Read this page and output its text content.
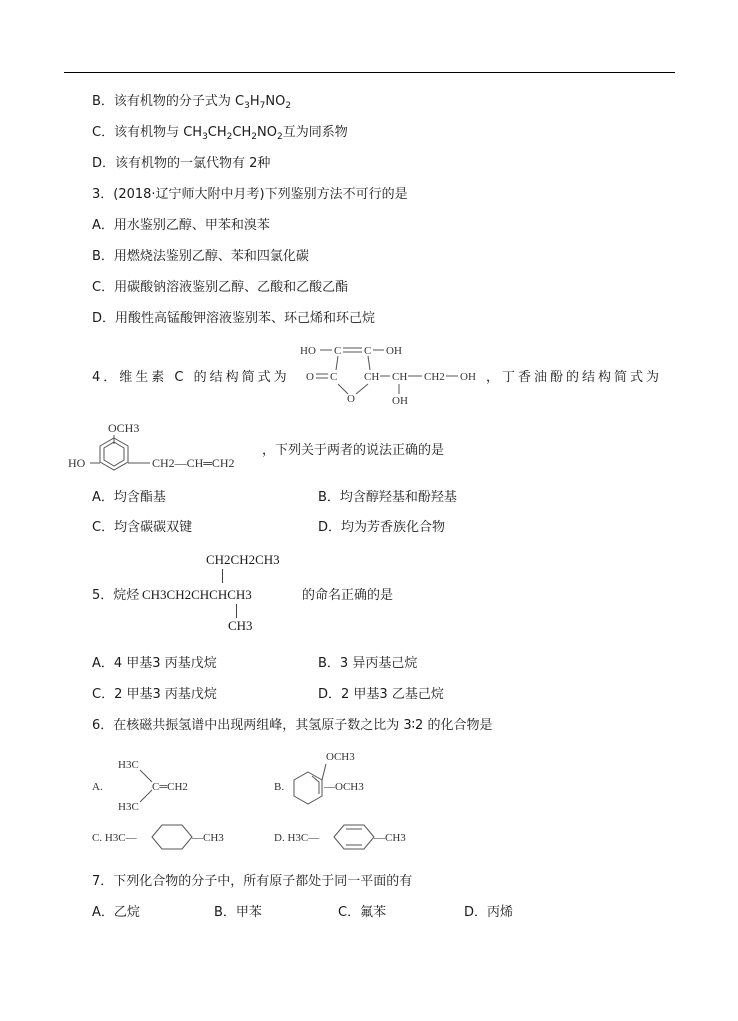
B．该有机物的分子式为 $C_3H_7NO_2$
C．该有机物与 $CH_3CH_2CH_2NO_2$互为同系物
D．该有机物的一氯代物有 2种
3．(2018·辽宁师大附中月考)下列鉴别方法不可行的是
A．用水鉴别乙醇、甲苯和溴苯
B．用燃烧法鉴别乙醇、苯和四氯化碳
C．用碳酸钠溶液鉴别乙醇、乙酸和乙酸乙酯
D．用酸性高锰酸钾溶液鉴别苯、环己烯和环己烷
4．维生素 C 的结构简式为
HO C C OH
O C CH CH CH2 OH
O	OH
，丁香油酚的结构简式为
OCH3
HO	CH2—CH═CH2
，下列关于两者的说法正确的是
A．均含酯基	B．均含醇羟基和酚羟基
C．均含碳碳双键	D．均为芳香族化合物
CH2CH2CH3
5．烷烃 CH3CH2CHCHCH3
CH3
的命名正确的是
A．4 甲基3 丙基戊烷	B．3 异丙基己烷
C．2 甲基3 丙基戊烷	D．2 甲基3 乙基己烷
6．在核磁共振氢谱中出现两组峰，其氢原子数之比为 3∶2 的化合物是
A.
H3C
H3C
C═CH2	B.
OCH3
—OCH3
C. H3C—	—CH3	D. H3C—	—CH3
7．下列化合物的分子中，所有原子都处于同一平面的有
A．乙烷	B．甲苯	C．氟苯	D．丙烯
